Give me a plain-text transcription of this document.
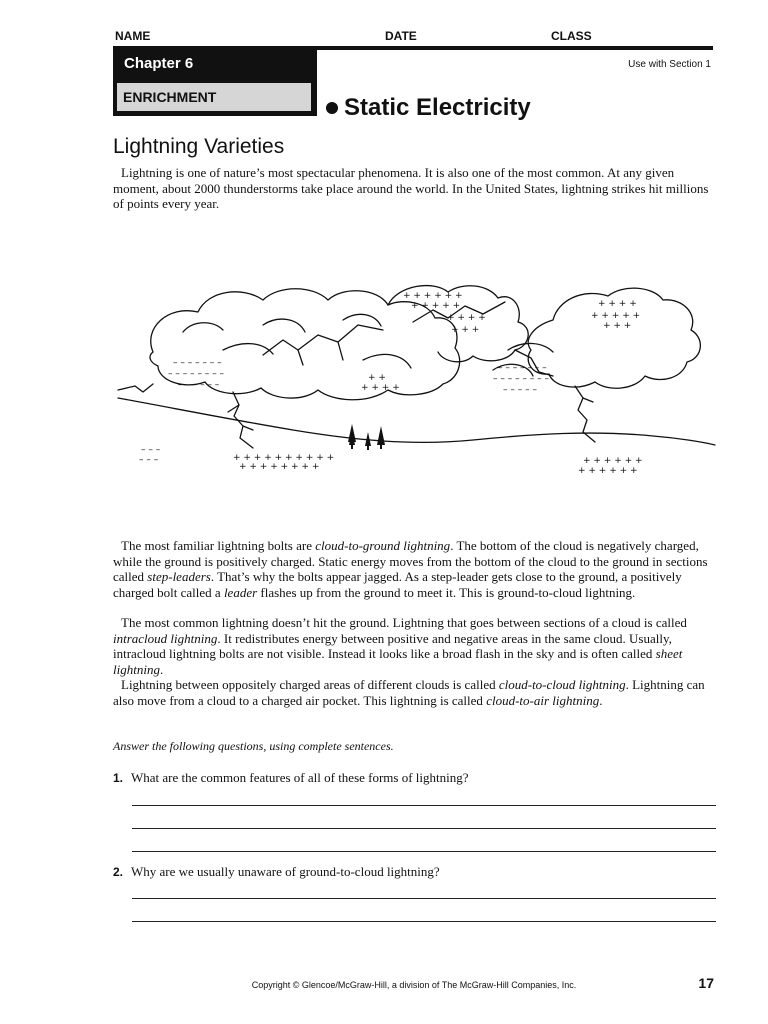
NAME	DATE	CLASS
Chapter 6
ENRICHMENT
Use with Section 1
Static Electricity
Lightning Varieties

Lightning is one of nature’s most spectacular phenomena. It is also one of the most common. At any given moment, about 2000 thunderstorms take place around the world. In the United States, lightning strikes hit millions of points every year.

+ + + + + +
+ + + + +
+ + + +
+ + +
+ + + +
+ + + + +
+ + +
+ +
+ + + +
– – – – – – –
– – – – – – – –
– – – – – –
– – – – – – –
– – – – – – – –
– – – – –
– – –
– – –	+ + + + + + + + + +
+ + + + + + + +
+ + + + + +
+ + + + + +

The most familiar lightning bolts are cloud-to-ground lightning. The bottom of the cloud is negatively charged, while the ground is positively charged. Static energy moves from the bottom of the cloud to the ground in sections called step-leaders. That’s why the bolts appear jagged. As a step-leader gets close to the ground, a positively charged bolt called a leader flashes up from the ground to meet it. This is ground-to-cloud lightning.

The most common lightning doesn’t hit the ground. Lightning that goes between sections of a cloud is called intracloud lightning. It redistributes energy between positive and negative areas in the same cloud. Usually, intracloud lightning bolts are not visible. Instead it looks like a broad flash in the sky and is often called sheet lightning.

Lightning between oppositely charged areas of different clouds is called cloud-to-cloud lightning. Lightning can also move from a cloud to a charged air pocket. This lightning is called cloud-to-air lightning.

Answer the following questions, using complete sentences.
1. What are the common features of all of these forms of lightning?
2. Why are we usually unaware of ground-to-cloud lightning?
Copyright © Glencoe/McGraw-Hill, a division of The McGraw-Hill Companies, Inc.	17
